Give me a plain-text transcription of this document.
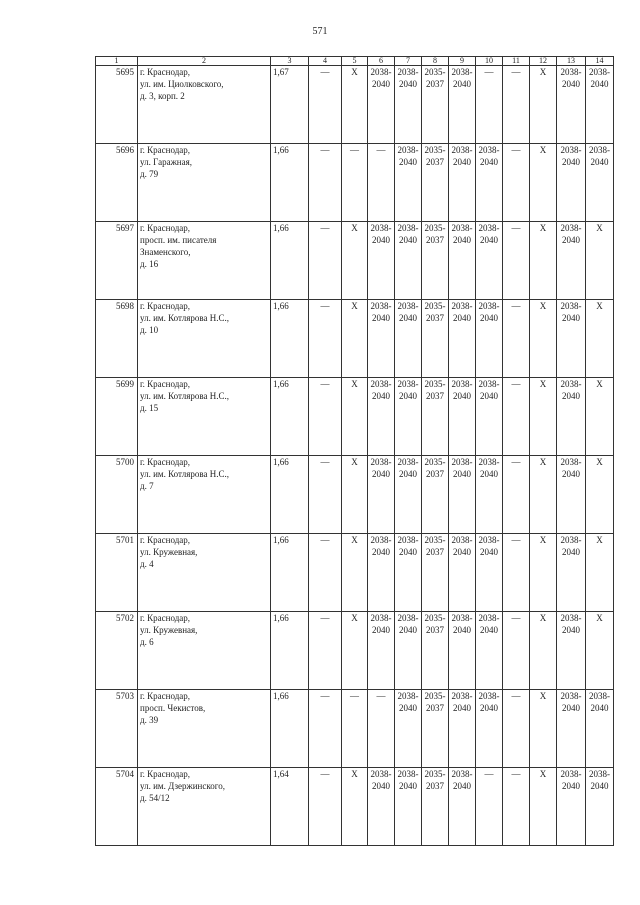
571
1	2	3	4	5	6	7	8	9	10	11	12	13	14
5695	г. Краснодар,
ул. им. Циолковского,
д. 3, корп. 2	1,67	—	Х	2038-2040	2038-2040	2035-2037	2038-2040	—	—	Х	2038-2040	2038-2040
5696	г. Краснодар,
ул. Гаражная,
д. 79	1,66	—	—	—	2038-2040	2035-2037	2038-2040	2038-2040	—	Х	2038-2040	2038-2040
5697	г. Краснодар,
просп. им. писателя
Знаменского,
д. 16	1,66	—	Х	2038-2040	2038-2040	2035-2037	2038-2040	2038-2040	—	Х	2038-2040	Х
5698	г. Краснодар,
ул. им. Котлярова Н.С.,
д. 10	1,66	—	Х	2038-2040	2038-2040	2035-2037	2038-2040	2038-2040	—	Х	2038-2040	Х
5699	г. Краснодар,
ул. им. Котлярова Н.С.,
д. 15	1,66	—	Х	2038-2040	2038-2040	2035-2037	2038-2040	2038-2040	—	Х	2038-2040	Х
5700	г. Краснодар,
ул. им. Котлярова Н.С.,
д. 7	1,66	—	Х	2038-2040	2038-2040	2035-2037	2038-2040	2038-2040	—	Х	2038-2040	Х
5701	г. Краснодар,
ул. Кружевная,
д. 4	1,66	—	Х	2038-2040	2038-2040	2035-2037	2038-2040	2038-2040	—	Х	2038-2040	Х
5702	г. Краснодар,
ул. Кружевная,
д. 6	1,66	—	Х	2038-2040	2038-2040	2035-2037	2038-2040	2038-2040	—	Х	2038-2040	Х
5703	г. Краснодар,
просп. Чекистов,
д. 39	1,66	—	—	—	2038-2040	2035-2037	2038-2040	2038-2040	—	Х	2038-2040	2038-2040
5704	г. Краснодар,
ул. им. Дзержинского,
д. 54/12	1,64	—	Х	2038-2040	2038-2040	2035-2037	2038-2040	—	—	Х	2038-2040	2038-2040
